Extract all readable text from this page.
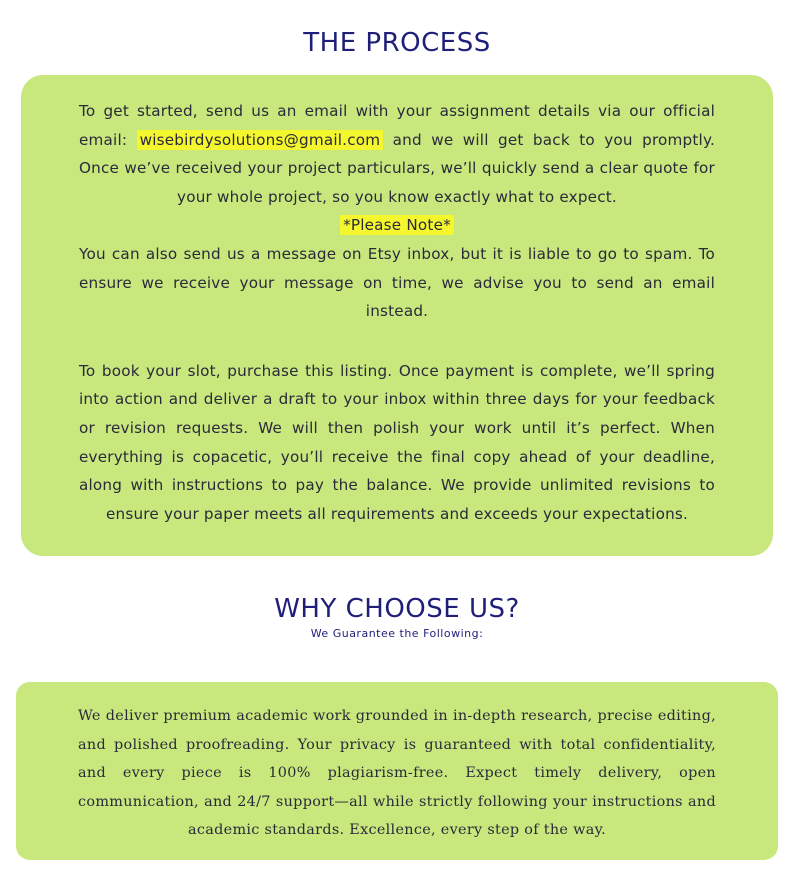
THE PROCESS

To get started, send us an email with your assignment details via our official email: wisebirdysolutions@gmail.com and we will get back to you promptly. Once we’ve received your project particulars, we’ll quickly send a clear quote for your whole project, so you know exactly what to expect.

*Please Note*

You can also send us a message on Etsy inbox, but it is liable to go to spam. To ensure we receive your message on time, we advise you to send an email instead.

To book your slot, purchase this listing. Once payment is complete, we’ll spring into action and deliver a draft to your inbox within three days for your feedback or revision requests. We will then polish your work until it’s perfect. When everything is copacetic, you’ll receive the final copy ahead of your deadline, along with instructions to pay the balance. We provide unlimited revisions to ensure your paper meets all requirements and exceeds your expectations.

WHY CHOOSE US?
We Guarantee the Following:

We deliver premium academic work grounded in in-depth research, precise editing, and polished proofreading. Your privacy is guaranteed with total confidentiality, and every piece is 100% plagiarism-free. Expect timely delivery, open communication, and 24/7 support—all while strictly following your instructions and academic standards. Excellence, every step of the way.
